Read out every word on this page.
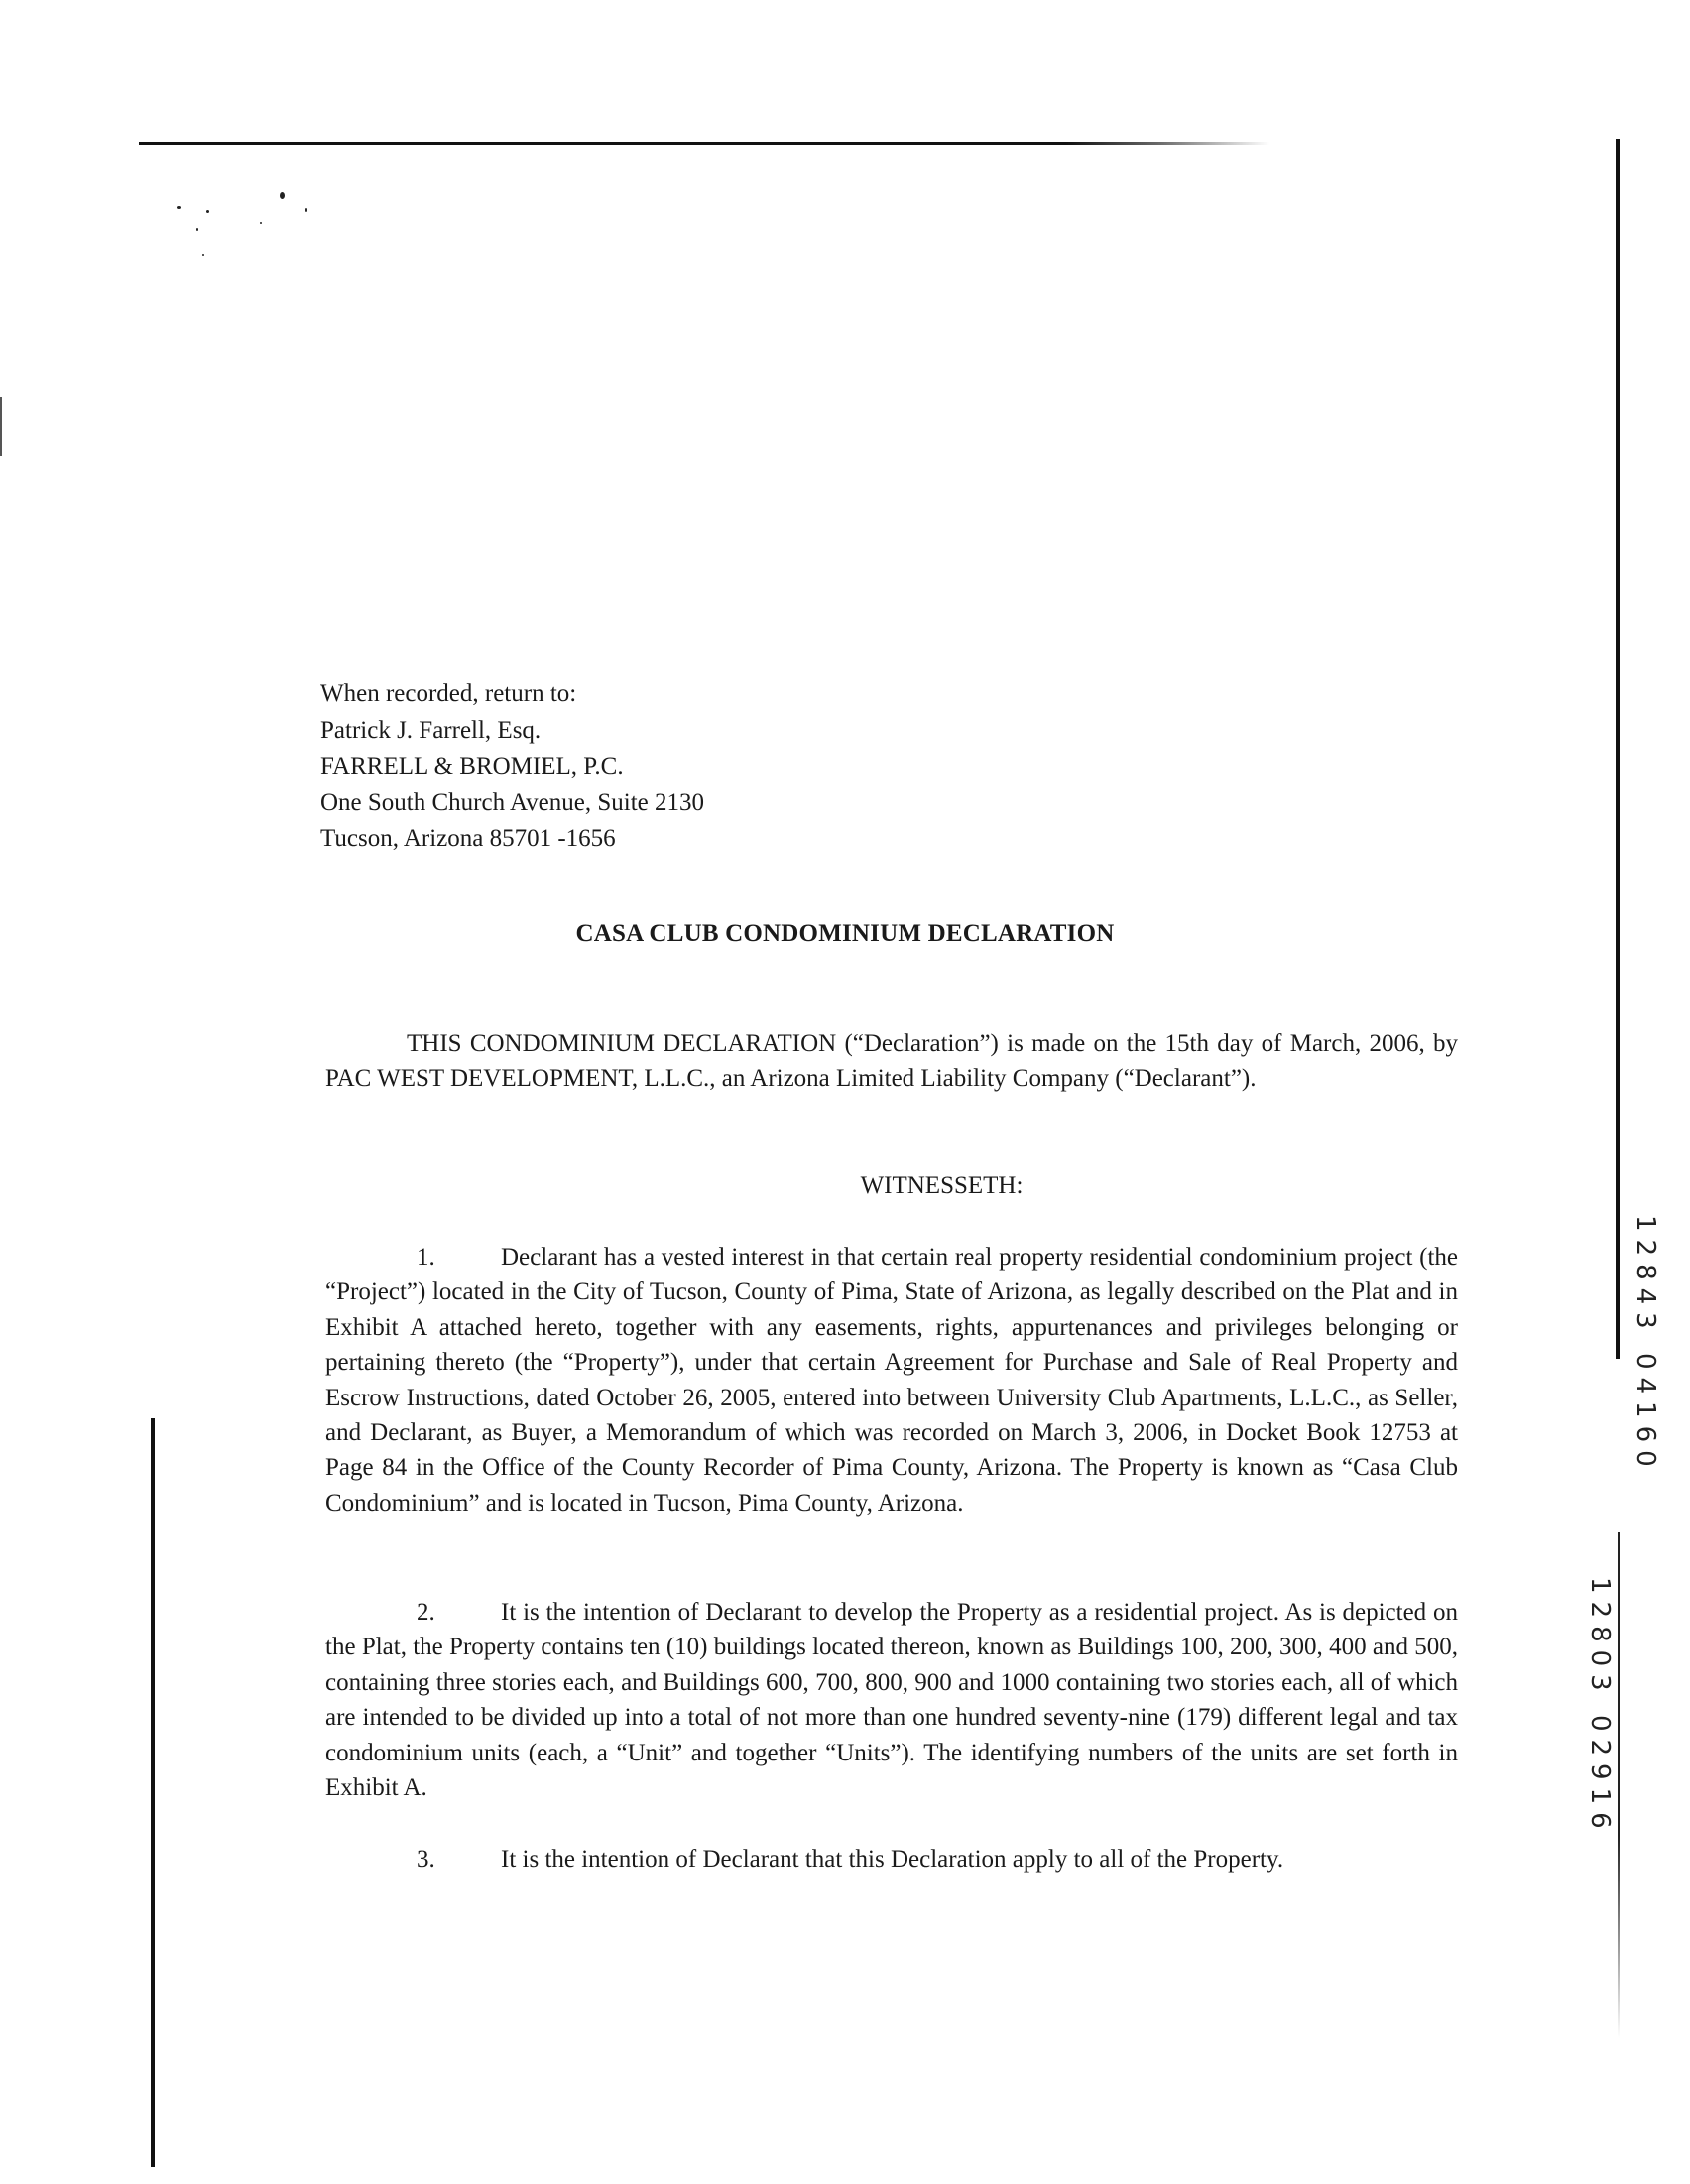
When recorded, return to:
Patrick J. Farrell, Esq.
FARRELL & BROMIEL, P.C.
One South Church Avenue, Suite 2130
Tucson, Arizona 85701 -1656
CASA CLUB CONDOMINIUM DECLARATION
THIS CONDOMINIUM DECLARATION (“Declaration”) is made on the 15th day of March, 2006, by PAC WEST DEVELOPMENT, L.L.C., an Arizona Limited Liability Company (“Declarant”).
WITNESSETH:
1.	Declarant has a vested interest in that certain real property residential condominium project (the “Project”) located in the City of Tucson, County of Pima, State of Arizona, as legally described on the Plat and in Exhibit A attached hereto, together with any easements, rights, appurtenances and privileges belonging or pertaining thereto (the “Property”), under that certain Agreement for Purchase and Sale of Real Property and Escrow Instructions, dated October 26, 2005, entered into between University Club Apartments, L.L.C., as Seller, and Declarant, as Buyer, a Memorandum of which was recorded on March 3, 2006, in Docket Book 12753 at Page 84 in the Office of the County Recorder of Pima County, Arizona. The Property is known as “Casa Club Condominium” and is located in Tucson, Pima County, Arizona.
2.	It is the intention of Declarant to develop the Property as a residential project. As is depicted on the Plat, the Property contains ten (10) buildings located thereon, known as Buildings 100, 200, 300, 400 and 500, containing three stories each, and Buildings 600, 700, 800, 900 and 1000 containing two stories each, all of which are intended to be divided up into a total of not more than one hundred seventy-nine (179) different legal and tax condominium units (each, a “Unit” and together “Units”). The identifying numbers of the units are set forth in Exhibit A.
3.	It is the intention of Declarant that this Declaration apply to all of the Property.
12843 04160
12803 02916
